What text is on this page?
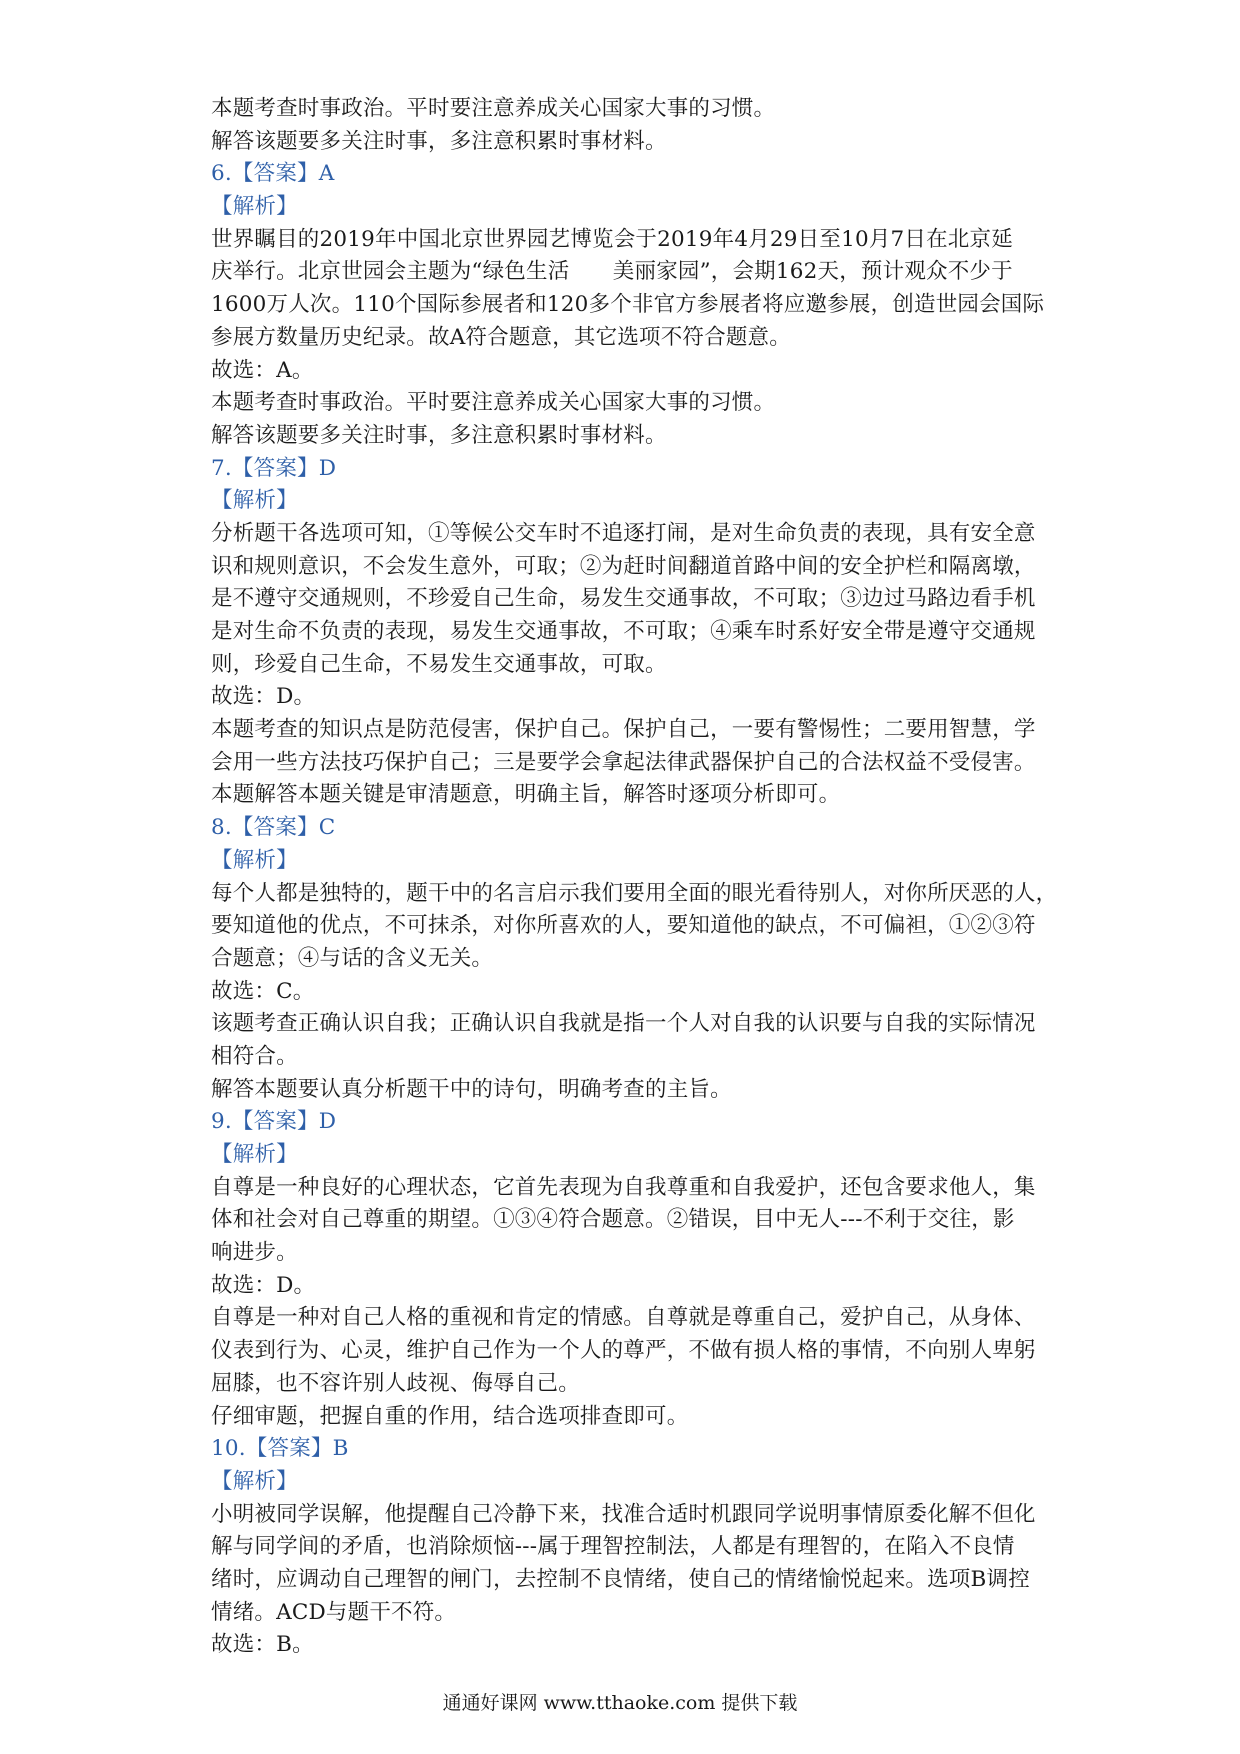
本题考查时事政治。平时要注意养成关心国家大事的习惯。
解答该题要多关注时事，多注意积累时事材料。
6.【答案】A
【解析】
世界瞩目的2019年中国北京世界园艺博览会于2019年4月29日至10月7日在北京延
庆举行。北京世园会主题为“绿色生活　　美丽家园”，会期162天，预计观众不少于
1600万人次。110个国际参展者和120多个非官方参展者将应邀参展，创造世园会国际
参展方数量历史纪录。故A符合题意，其它选项不符合题意。
故选：A。
本题考查时事政治。平时要注意养成关心国家大事的习惯。
解答该题要多关注时事，多注意积累时事材料。
7.【答案】D
【解析】
分析题干各选项可知，①等候公交车时不追逐打闹，是对生命负责的表现，具有安全意
识和规则意识，不会发生意外，可取；②为赶时间翻道首路中间的安全护栏和隔离墩，
是不遵守交通规则，不珍爱自己生命，易发生交通事故，不可取；③边过马路边看手机
是对生命不负责的表现，易发生交通事故，不可取；④乘车时系好安全带是遵守交通规
则，珍爱自己生命，不易发生交通事故，可取。
故选：D。
本题考查的知识点是防范侵害，保护自己。保护自己，一要有警惕性；二要用智慧，学
会用一些方法技巧保护自己；三是要学会拿起法律武器保护自己的合法权益不受侵害。
本题解答本题关键是审清题意，明确主旨，解答时逐项分析即可。
8.【答案】C
【解析】
每个人都是独特的，题干中的名言启示我们要用全面的眼光看待别人，对你所厌恶的人，
要知道他的优点，不可抹杀，对你所喜欢的人，要知道他的缺点，不可偏袒，①②③符
合题意；④与话的含义无关。
故选：C。
该题考查正确认识自我；正确认识自我就是指一个人对自我的认识要与自我的实际情况
相符合。
解答本题要认真分析题干中的诗句，明确考查的主旨。
9.【答案】D
【解析】
自尊是一种良好的心理状态，它首先表现为自我尊重和自我爱护，还包含要求他人，集
体和社会对自己尊重的期望。①③④符合题意。②错误，目中无人---不利于交往，影
响进步。
故选：D。
自尊是一种对自己人格的重视和肯定的情感。自尊就是尊重自己，爱护自己，从身体、
仪表到行为、心灵，维护自己作为一个人的尊严，不做有损人格的事情，不向别人卑躬
屈膝，也不容许别人歧视、侮辱自己。
仔细审题，把握自重的作用，结合选项排查即可。
10.【答案】B
【解析】
小明被同学误解，他提醒自己冷静下来，找准合适时机跟同学说明事情原委化解不但化
解与同学间的矛盾，也消除烦恼---属于理智控制法，人都是有理智的，在陷入不良情
绪时，应调动自己理智的闸门，去控制不良情绪，使自己的情绪愉悦起来。选项B调控
情绪。ACD与题干不符。
故选：B。
通通好课网 www.tthaoke.com 提供下载
